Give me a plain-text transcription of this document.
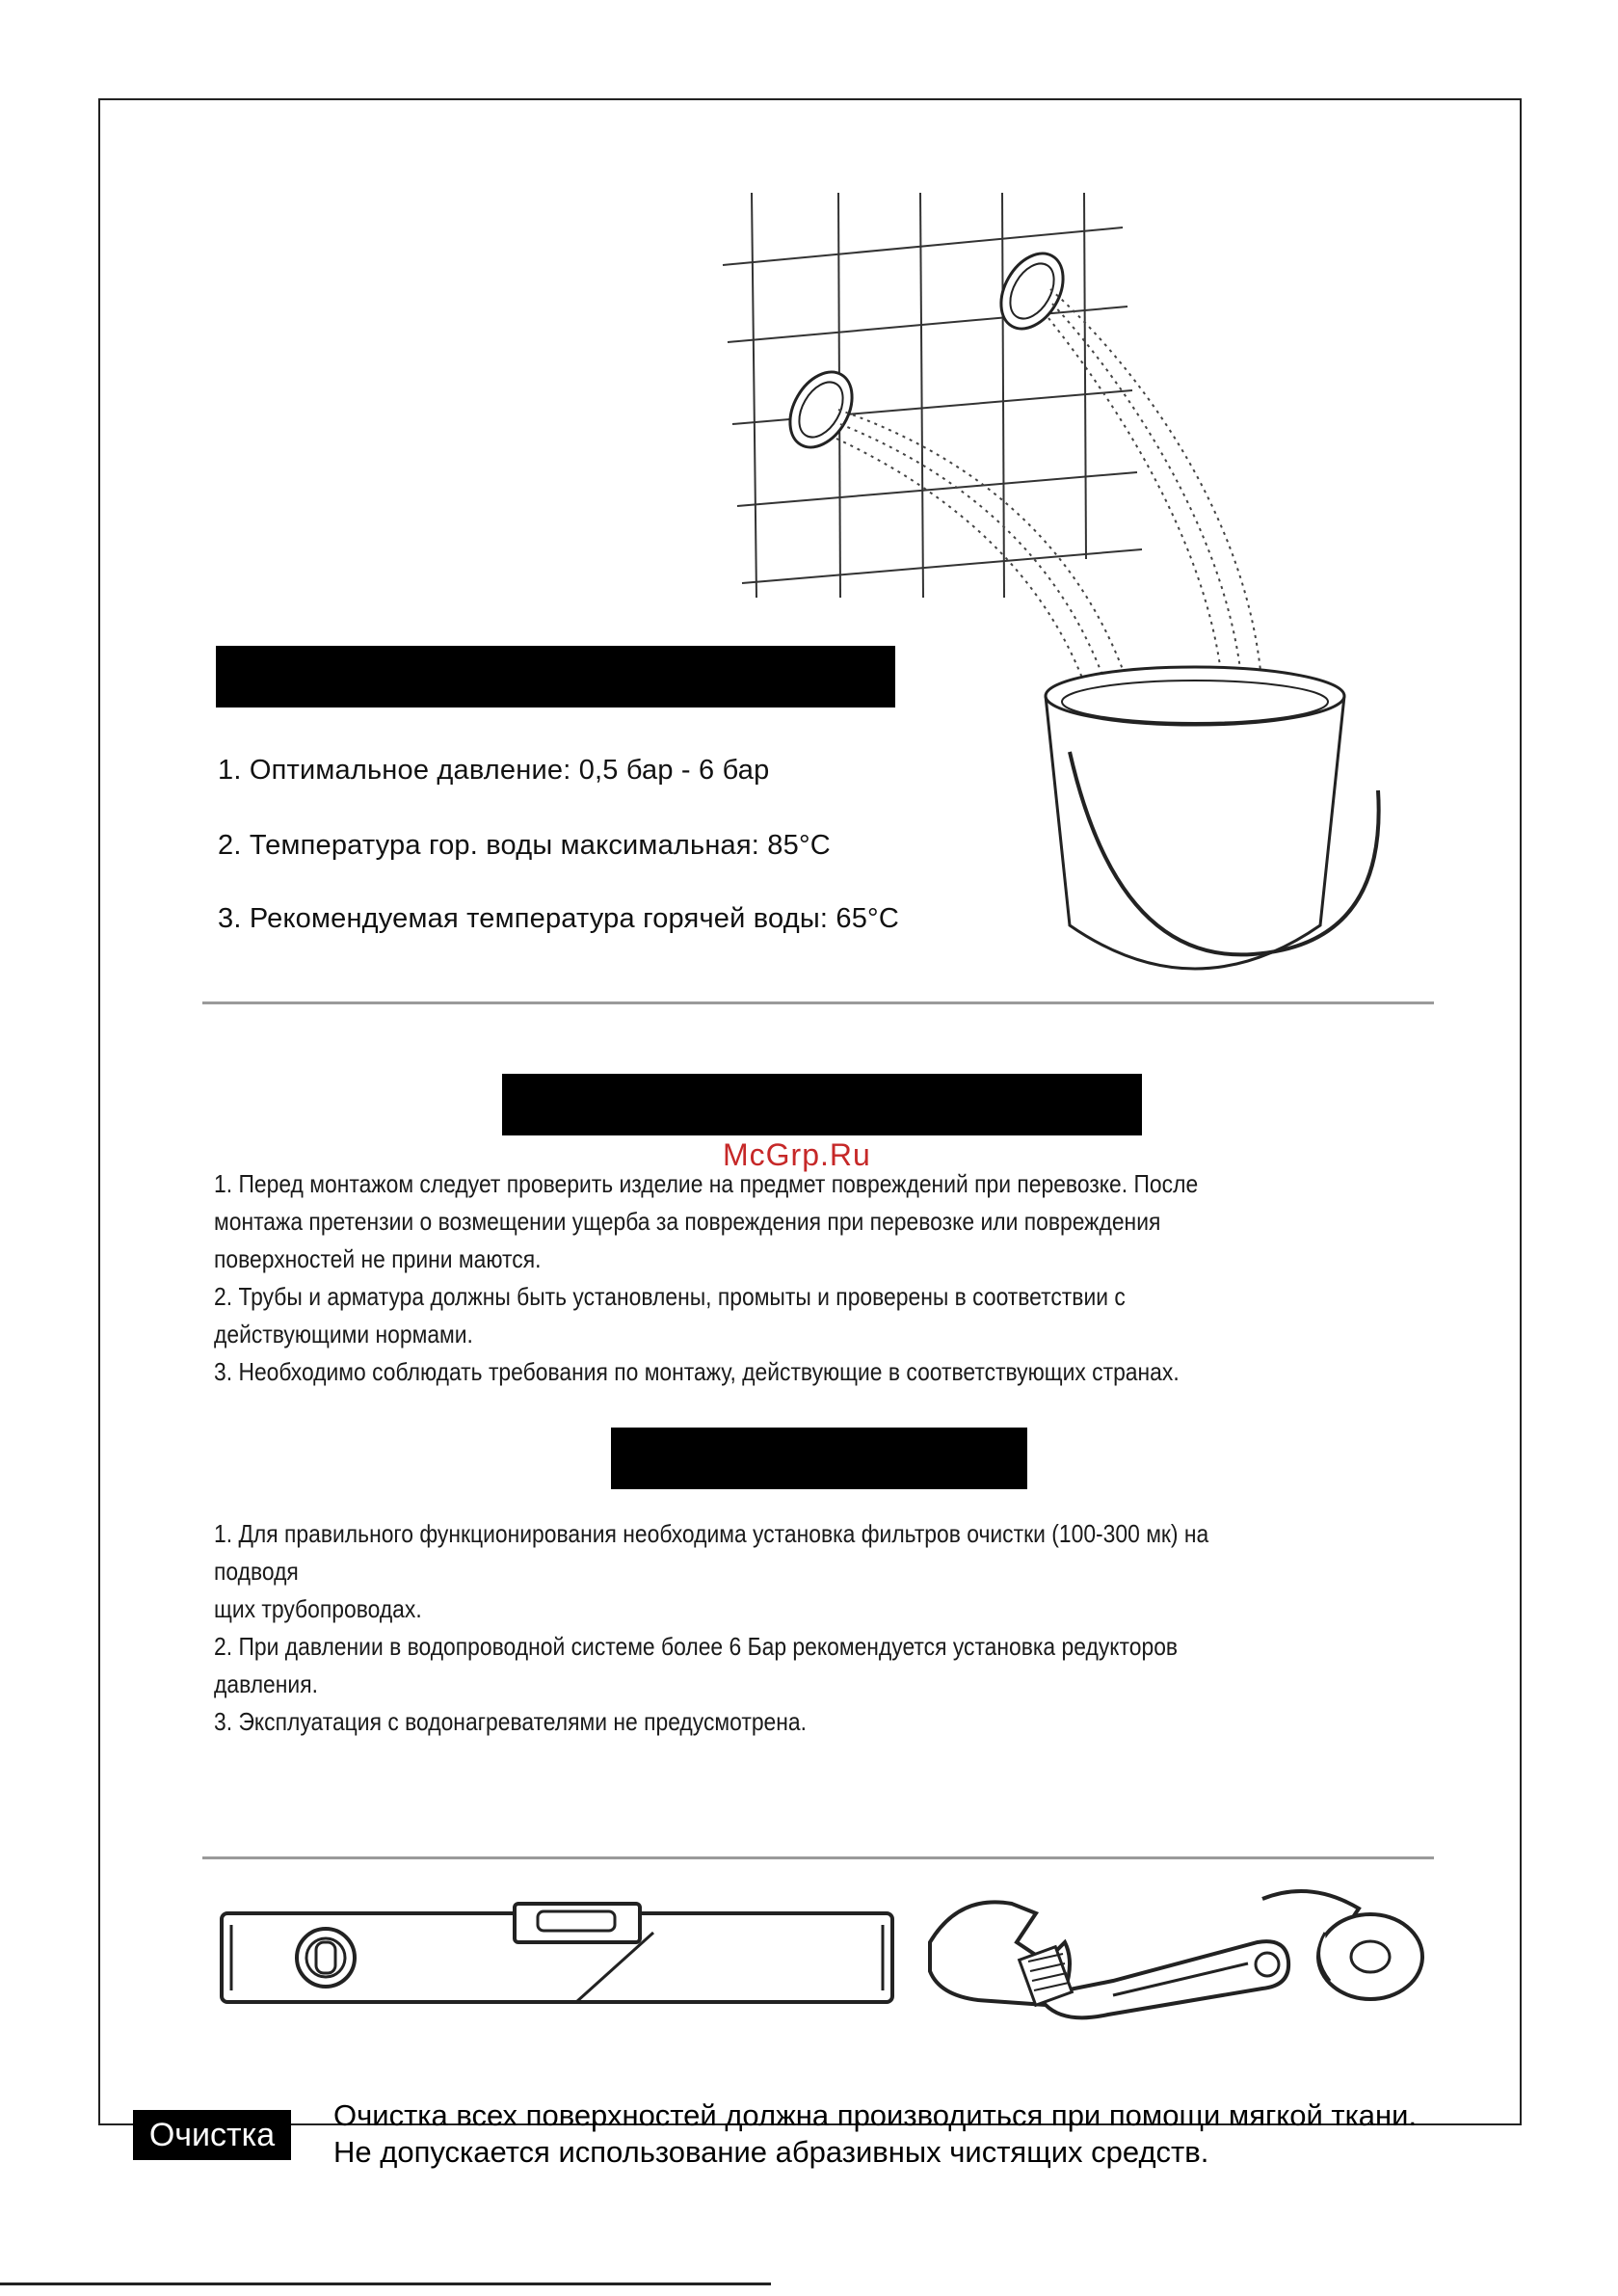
1. Оптимальное давление: 0,5 бар - 6 бар
2. Температура гор. воды максимальная: 85°C
3. Рекомендуемая температура горячей воды: 65°C
McGrp.Ru
1. Перед монтажом следует проверить изделие на предмет повреждений при перевозке. После
монтажа претензии о возмещении ущерба за повреждения при перевозке или повреждения
поверхностей не прини маются.
2. Трубы и арматура должны быть установлены, промыты и проверены в соответствии с
действующими нормами.
3. Необходимо соблюдать требования по монтажу, действующие в соответствующих странах.
1. Для правильного функционирования необходима установка фильтров очистки (100-300 мк) на
подводя
щих трубопроводах.
2. При давлении в водопроводной системе более 6 Бар рекомендуется установка редукторов
давления.
3. Эксплуатация с водонагревателями не предусмотрена.
Очистка
Очистка всех поверхностей должна производиться при помощи мягкой ткани.
Не допускается использование абразивных чистящих средств.
